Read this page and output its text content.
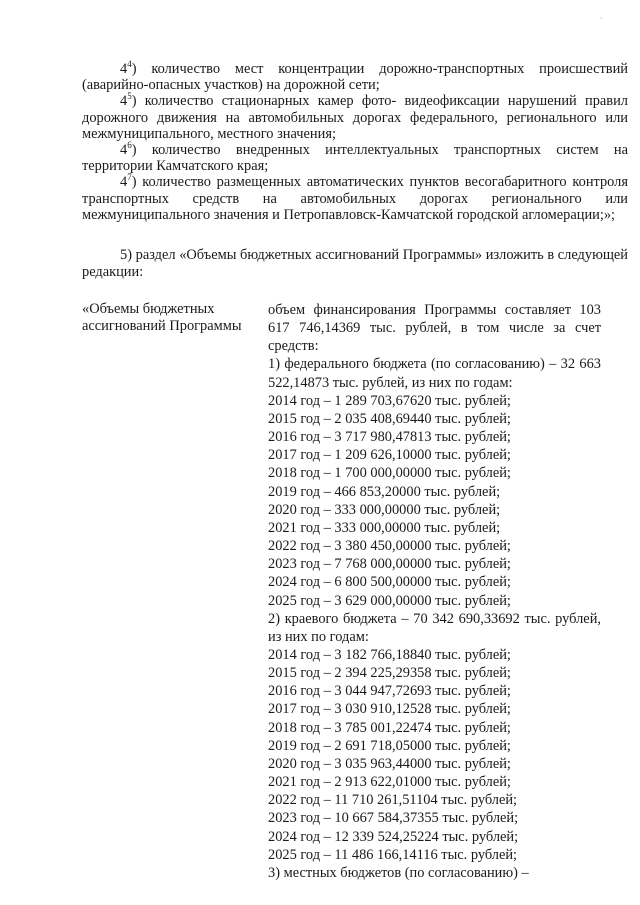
·

$4^4$) количество мест концентрации дорожно-транспортных происшествий (аварийно-опасных участков) на дорожной сети;

$4^5$) количество стационарных камер фото- видеофиксации нарушений правил дорожного движения на автомобильных дорогах федерального, регионального или межмуниципального, местного значения;

$4^6$) количество внедренных интеллектуальных транспортных систем на территории Камчатского края;

$4^7$) количество размещенных автоматических пунктов весогабаритного контроля транспортных средств на автомобильных дорогах регионального или межмуниципального значения и Петропавловск-Камчатской городской агломерации;»;

5) раздел «Объемы бюджетных ассигнований Программы» изложить в следующей редакции:

«Объемы бюджетных ассигнований Программы

объем финансирования Программы составляет 103 617 746,14369 тыс. рублей, в том числе за счет средств:

1) федерального бюджета (по согласованию) – 32 663 522,14873 тыс. рублей, из них по годам:

2014 год – 1 289 703,67620 тыс. рублей;

2015 год – 2 035 408,69440 тыс. рублей;

2016 год – 3 717 980,47813 тыс. рублей;

2017 год – 1 209 626,10000 тыс. рублей;

2018 год – 1 700 000,00000 тыс. рублей;

2019 год – 466 853,20000 тыс. рублей;

2020 год – 333 000,00000 тыс. рублей;

2021 год – 333 000,00000 тыс. рублей;

2022 год – 3 380 450,00000 тыс. рублей;

2023 год – 7 768 000,00000 тыс. рублей;

2024 год – 6 800 500,00000 тыс. рублей;

2025 год – 3 629 000,00000 тыс. рублей;

2) краевого бюджета – 70 342 690,33692 тыс. рублей, из них по годам:

2014 год – 3 182 766,18840 тыс. рублей;

2015 год – 2 394 225,29358 тыс. рублей;

2016 год – 3 044 947,72693 тыс. рублей;

2017 год – 3 030 910,12528 тыс. рублей;

2018 год – 3 785 001,22474 тыс. рублей;

2019 год – 2 691 718,05000 тыс. рублей;

2020 год – 3 035 963,44000 тыс. рублей;

2021 год – 2 913 622,01000 тыс. рублей;

2022 год – 11 710 261,51104 тыс. рублей;

2023 год – 10 667 584,37355 тыс. рублей;

2024 год – 12 339 524,25224 тыс. рублей;

2025 год – 11 486 166,14116 тыс. рублей;

3) местных бюджетов (по согласованию) –
